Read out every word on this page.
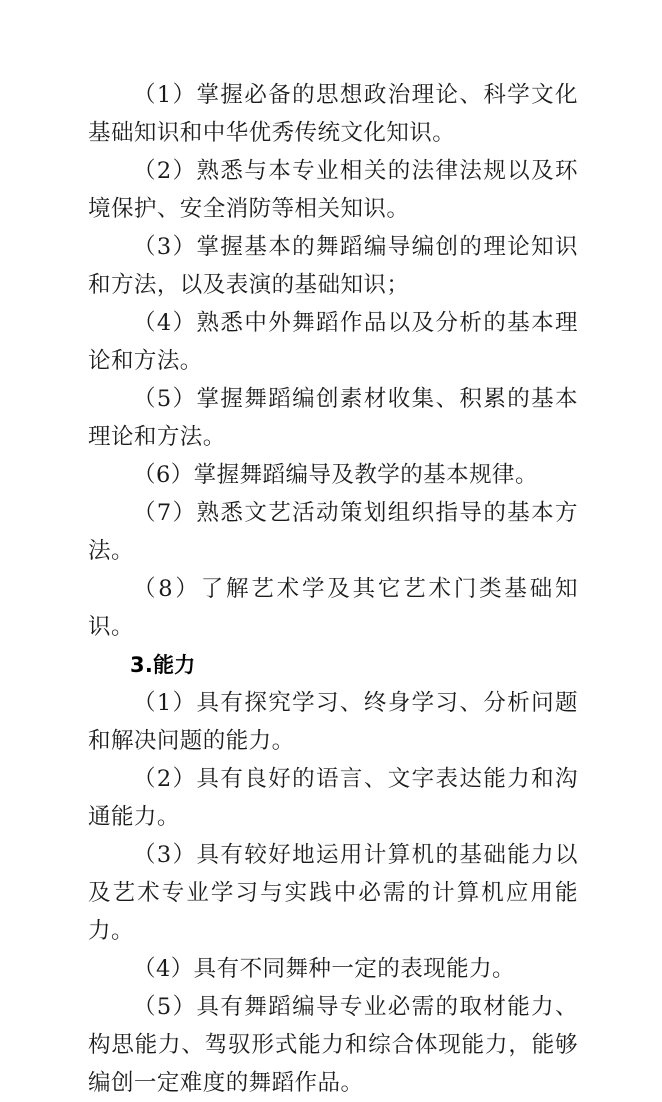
（1）掌握必备的思想政治理论、科学文化基础知识和中华优秀传统文化知识。

（2）熟悉与本专业相关的法律法规以及环境保护、安全消防等相关知识。

（3）掌握基本的舞蹈编导编创的理论知识和方法，以及表演的基础知识；

（4）熟悉中外舞蹈作品以及分析的基本理论和方法。

（5）掌握舞蹈编创素材收集、积累的基本理论和方法。

（6）掌握舞蹈编导及教学的基本规律。

（7）熟悉文艺活动策划组织指导的基本方法。

（8）了解艺术学及其它艺术门类基础知识。

3.能力

（1）具有探究学习、终身学习、分析问题和解决问题的能力。

（2）具有良好的语言、文字表达能力和沟通能力。

（3）具有较好地运用计算机的基础能力以及艺术专业学习与实践中必需的计算机应用能力。

（4）具有不同舞种一定的表现能力。

（5）具有舞蹈编导专业必需的取材能力、构思能力、驾驭形式能力和综合体现能力，能够编创一定难度的舞蹈作品。
